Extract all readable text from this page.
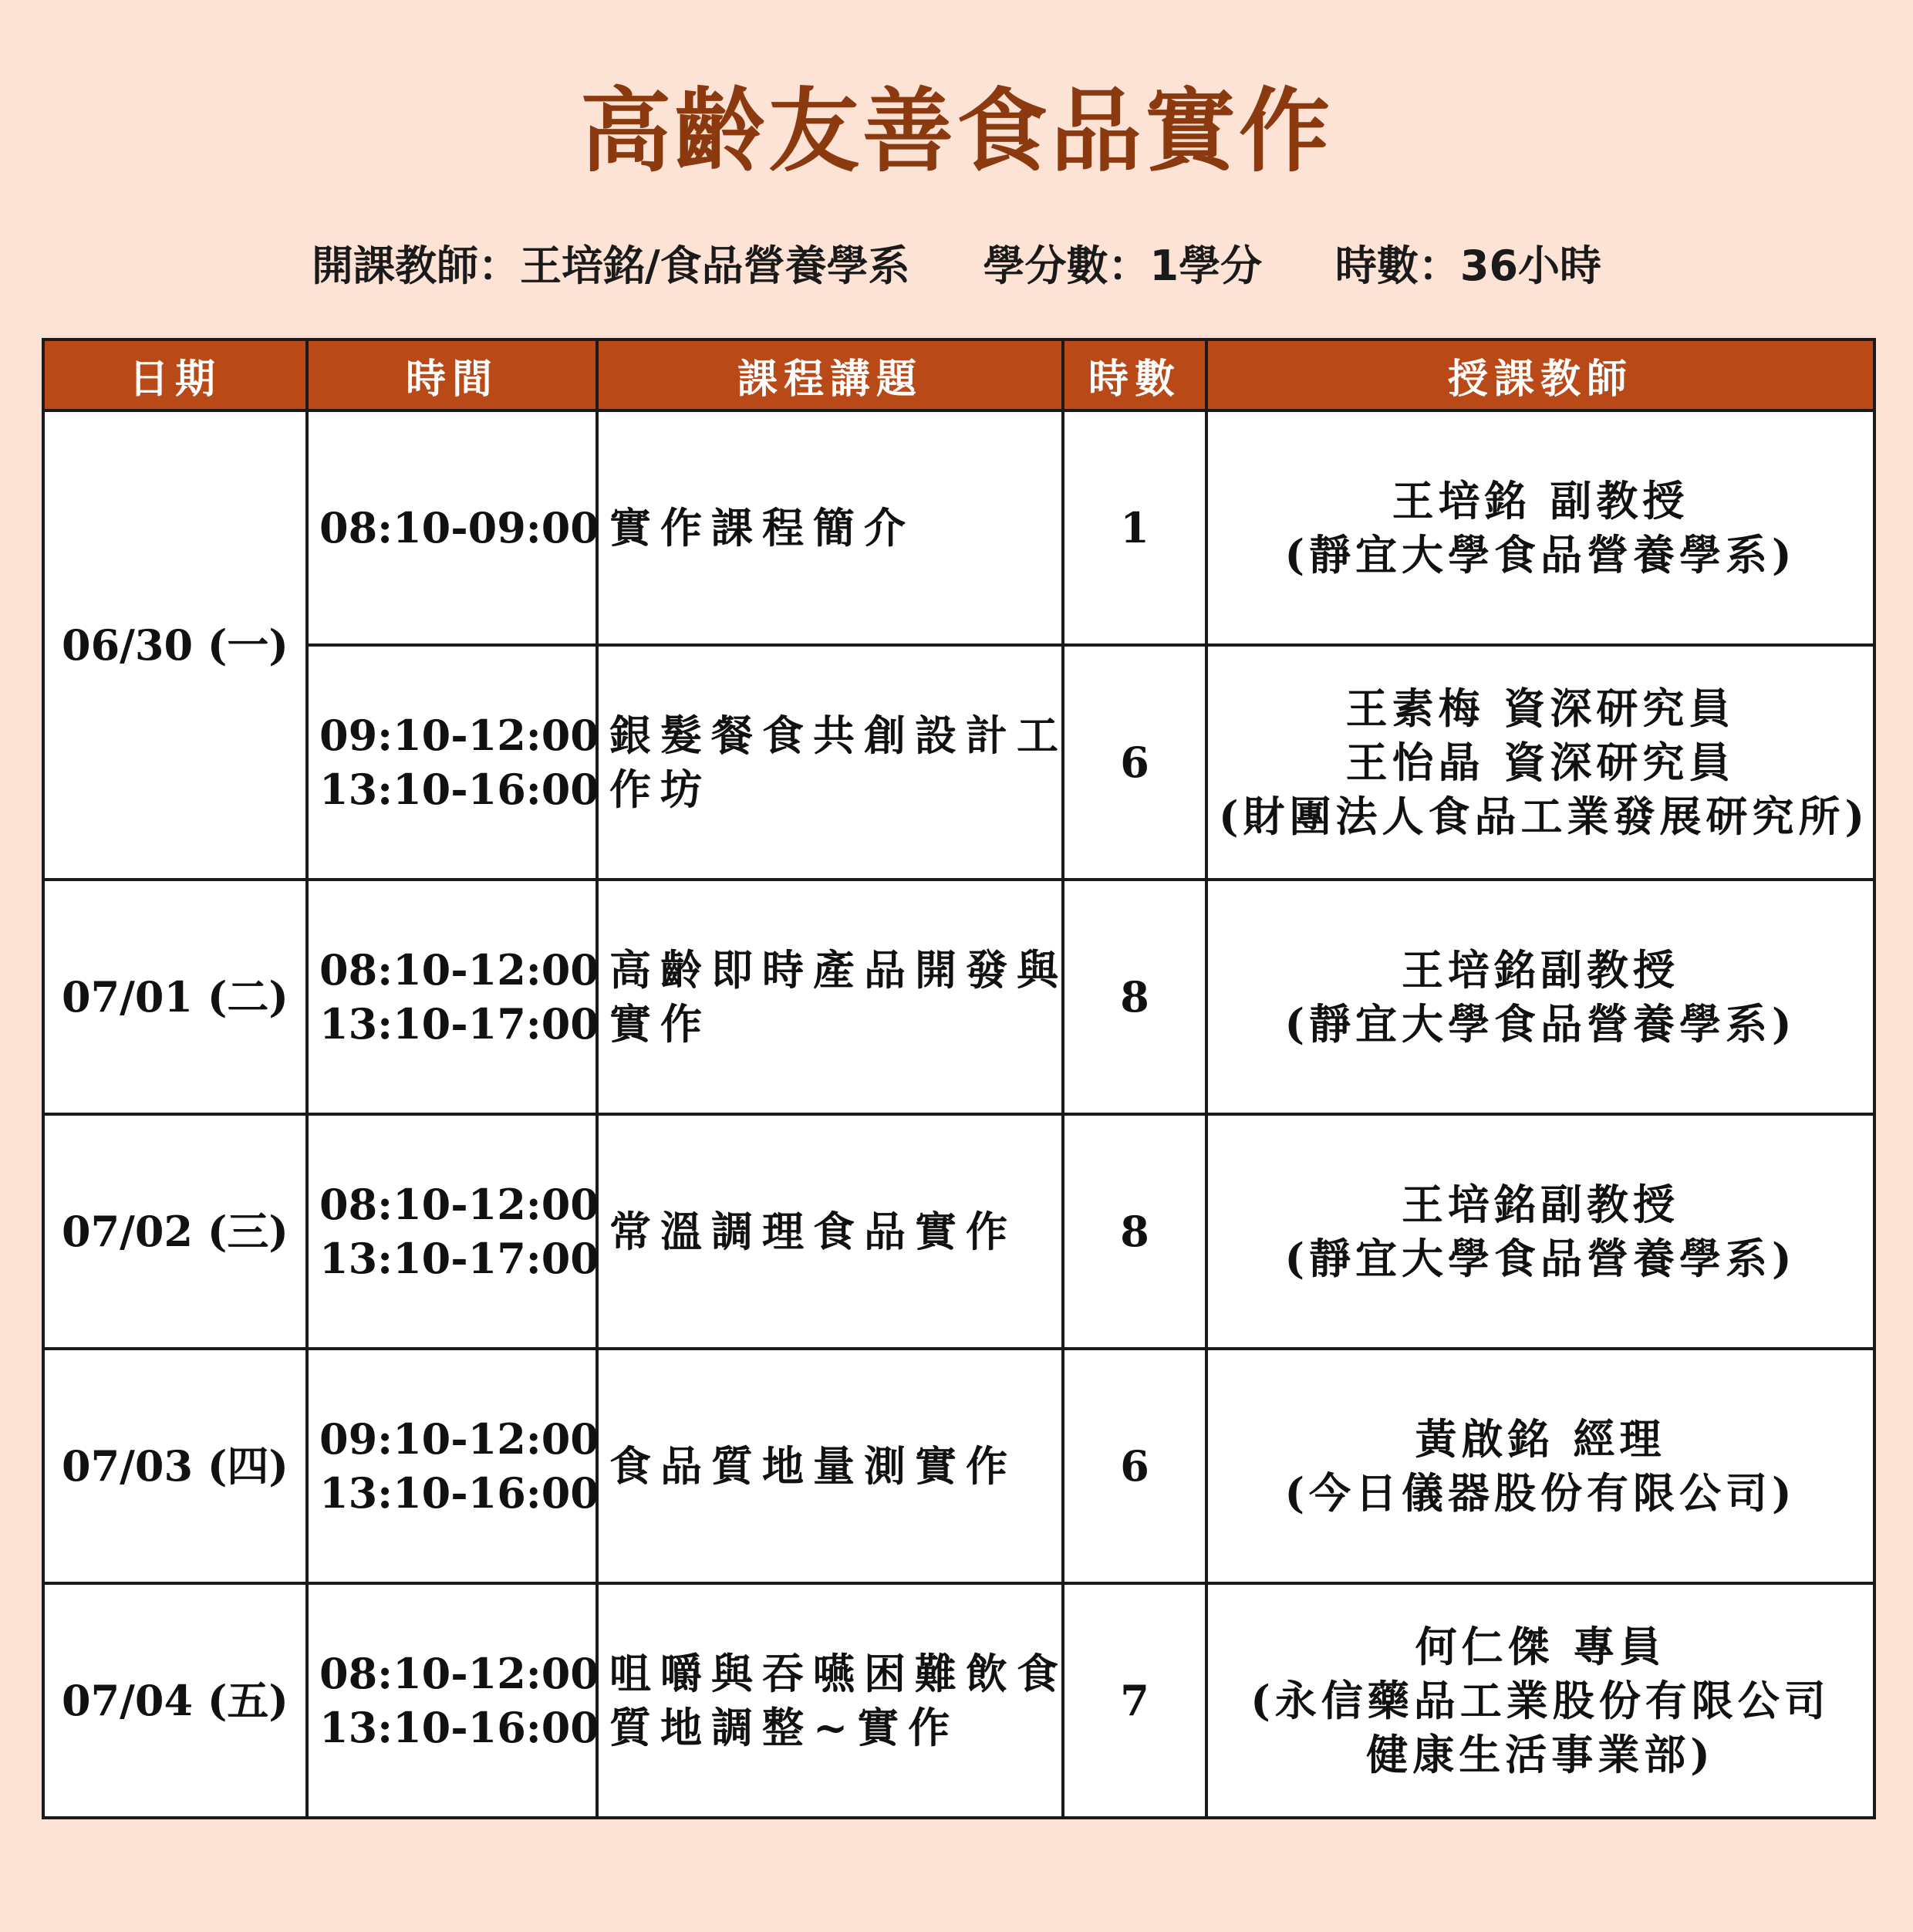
高齡友善食品實作
開課教師：王培銘/食品營養學系 學分數：1學分 時數：36小時
日期	時間	課程講題	時數	授課教師
06/30 (一)	08:10-09:00	實作課程簡介	1	王培銘 副教授
(靜宜大學食品營養學系)

	09:10-12:00
13:10-16:00	銀髮餐食共創設計工
作坊	6	王素梅 資深研究員
王怡晶 資深研究員
(財團法人食品工業發展研究所)

07/01 (二)	08:10-12:00
13:10-17:00	高齡即時產品開發與
實作	8	王培銘副教授
(靜宜大學食品營養學系)

07/02 (三)	08:10-12:00
13:10-17:00	常溫調理食品實作	8	王培銘副教授
(靜宜大學食品營養學系)

07/03 (四)	09:10-12:00
13:10-16:00	食品質地量測實作	6	黃啟銘 經理
(今日儀器股份有限公司)

07/04 (五)	08:10-12:00
13:10-16:00	咀嚼與吞嚥困難飲食
質地調整~實作	7	何仁傑 專員
(永信藥品工業股份有限公司
健康生活事業部)
